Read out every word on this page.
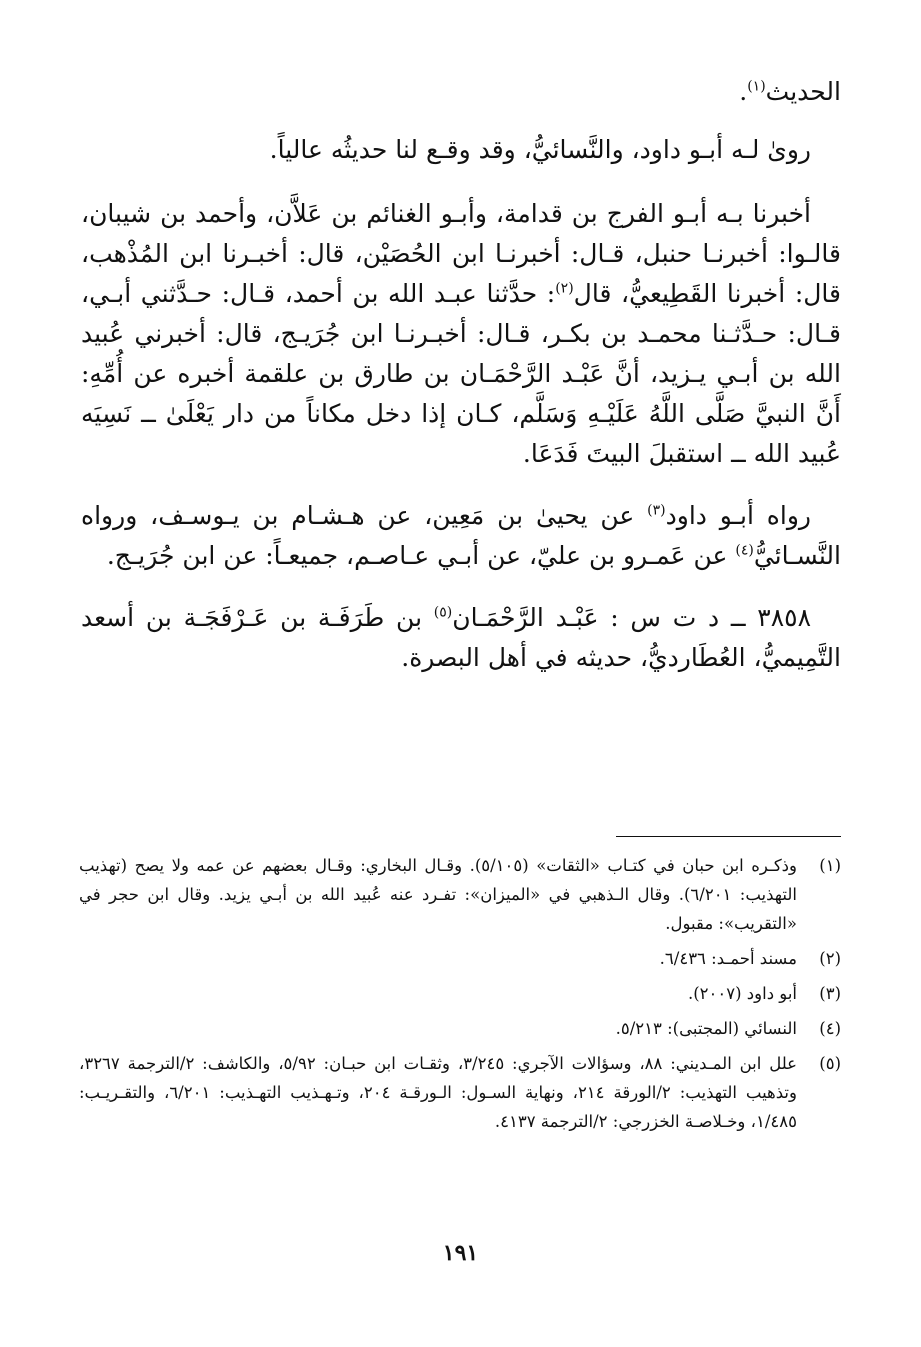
الحديث$^{(١)}$.

رویٰ لـه أبـو داود، والنَّسائيُّ، وقد وقـع لنا حديثُه عالياً.

أخبرنا بـه أبـو الفرج بن قدامة، وأبـو الغنائم بن عَلاَّن، وأحمد بن شيبان، قالـوا: أخبرنـا حنبل، قـال: أخبرنـا ابن الحُصَيْن، قال: أخبـرنا ابن المُذْهب، قال: أخبرنا القَطِيعيُّ، قال$^{(٢)}$: حدَّثنا عبـد الله بن أحمد، قـال: حـدَّثني أبـي، قـال: حـدَّثـنا محمـد بن بكـر، قـال: أخبـرنـا ابن جُرَيـج، قال: أخبرني عُبيد الله بن أبـي يـزيد، أنَّ عَبْـد الرَّحْمَـان بن طارق بن علقمة أخبره عن أُمِّهِ: أَنَّ النبيَّ صَلَّى اللَّهُ عَلَيْـهِ وَسَلَّم، كـان إذا دخل مكاناً من دار يَعْلَىٰ ــ نَسِيَه عُبيد الله ــ استقبلَ البيتَ فَدَعَا.

رواه أبـو داود$^{(٣)}$ عن يحيىٰ بن مَعِين، عن هـشـام بن يـوسـف، ورواه النَّسـائيُّ$^{(٤)}$ عن عَمـرو بن عليّ، عن أبـي عـاصـم، جميعـاً: عن ابن جُرَيـج.

٣٨٥٨ ــ د ت س : عَبْـد الرَّحْمَـان$^{(٥)}$ بن طَرَفَـة بن عَـرْفَجَـة بن أسعد التَّمِيميُّ، العُطَارديُّ، حديثه في أهل البصرة.

(١)
وذكـره ابن حبان في كتـاب «الثقات» (٥/١٠٥). وقـال البخاري: وقـال بعضهم عن عمه ولا يصح (تهذيب التهذيب: ٦/٢٠١). وقال الـذهبي في «الميزان»: تفـرد عنه عُبيد الله بن أبـي يزيد. وقال ابن حجر في «التقريب»: مقبول.
(٢)
مسند أحمـد: ٦/٤٣٦.
(٣)
أبو داود (٢٠٠٧).
(٤)
النسائي (المجتبى): ٥/٢١٣.
(٥)
علل ابن المـديني: ٨٨، وسؤالات الآجري: ٣/٢٤٥، وثقـات ابن حبـان: ٥/٩٢، والكاشف: ٢/الترجمة ٣٢٦٧، وتذهيب التهذيب: ٢/الورقة ٢١٤، ونهاية السـول: الـورقـة ٢٠٤، وتـهـذيب التهـذيب: ٦/٢٠١، والتقـريـب: ١/٤٨٥، وخـلاصـة الخزرجي: ٢/الترجمة ٤١٣٧.
١٩١
